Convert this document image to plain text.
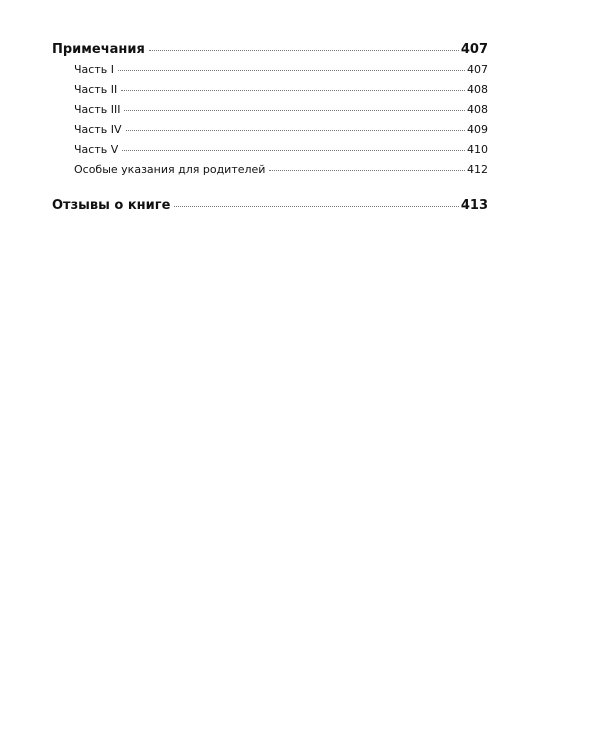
Примечания	407
Часть I	407
Часть II	408
Часть III	408
Часть IV	409
Часть V	410
Особые указания для родителей	412
Отзывы о книге	413
